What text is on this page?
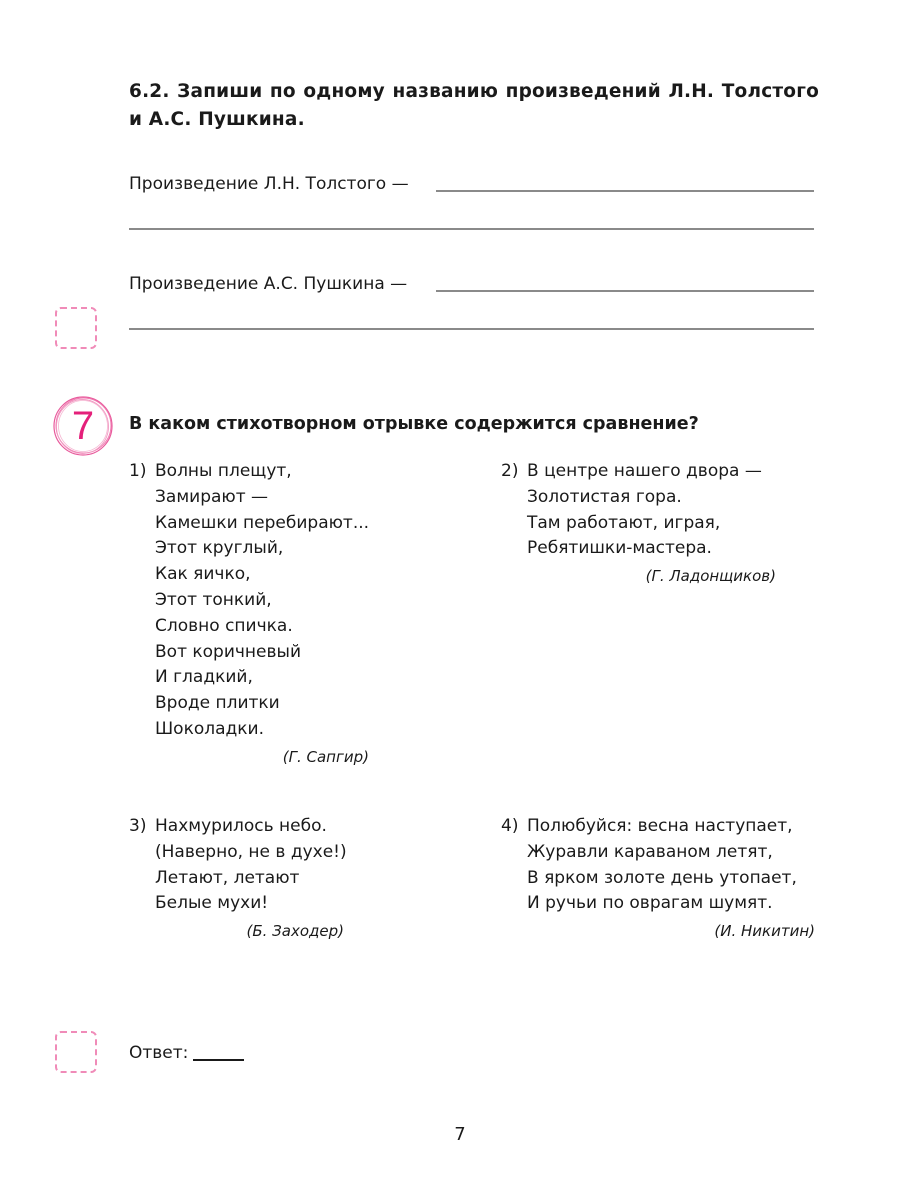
6.2. Запиши по одному названию произведений Л.Н. Толстого и А.С. Пушкина.
Произведение Л.Н. Толстого —
Произведение А.С. Пушкина —
7	В каком стихотворном отрывке содержится сравнение?
1) Волны плещут,
Замирают —
Камешки перебирают...
Этот круглый,
Как яичко,
Этот тонкий,
Словно спичка.
Вот коричневый
И гладкий,
Вроде плитки
Шоколадки.
(Г. Сапгир)
2) В центре нашего двора —
Золотистая гора.
Там работают, играя,
Ребятишки-мастера.
(Г. Ладонщиков)
3) Нахмурилось небо.
(Наверно, не в духе!)
Летают, летают
Белые мухи!
(Б. Заходер)
4) Полюбуйся: весна наступает,
Журавли караваном летят,
В ярком золоте день утопает,
И ручьи по оврагам шумят.
(И. Никитин)
Ответ:
7
